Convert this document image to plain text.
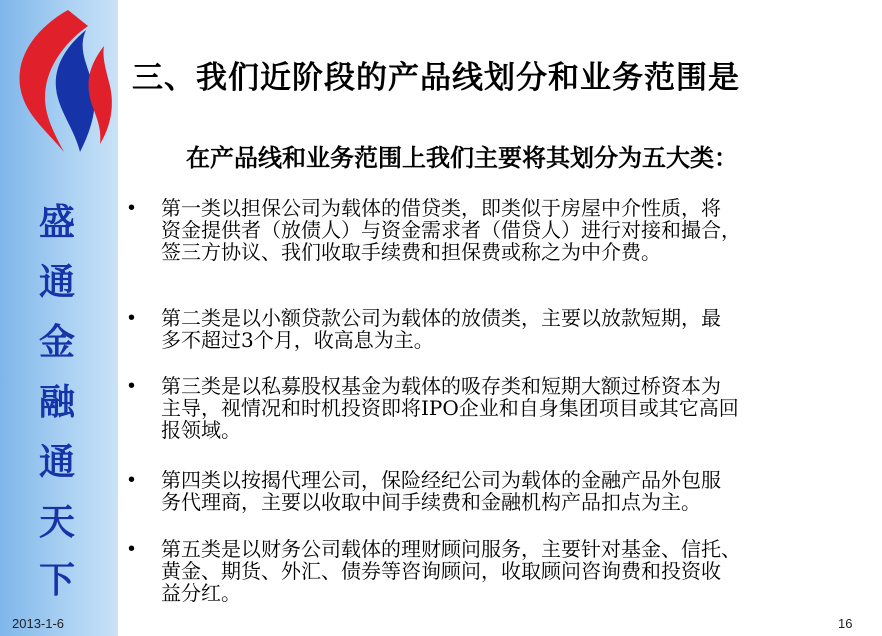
盛
通
金
融
通
天
下
2013-1-6
三、我们近阶段的产品线划分和业务范围是
在产品线和业务范围上我们主要将其划分为五大类：
•	第一类以担保公司为载体的借贷类，即类似于房屋中介性质，将
资金提供者（放债人）与资金需求者（借贷人）进行对接和撮合，
签三方协议、我们收取手续费和担保费或称之为中介费。
•	第二类是以小额贷款公司为载体的放债类，主要以放款短期，最
多不超过3个月，收高息为主。
•	第三类是以私募股权基金为载体的吸存类和短期大额过桥资本为
主导，视情况和时机投资即将IPO企业和自身集团项目或其它高回
报领域。
•	第四类以按揭代理公司，保险经纪公司为载体的金融产品外包服
务代理商，主要以收取中间手续费和金融机构产品扣点为主。
•	第五类是以财务公司载体的理财顾问服务，主要针对基金、信托、
黄金、期货、外汇、债券等咨询顾问，收取顾问咨询费和投资收
益分红。
16
